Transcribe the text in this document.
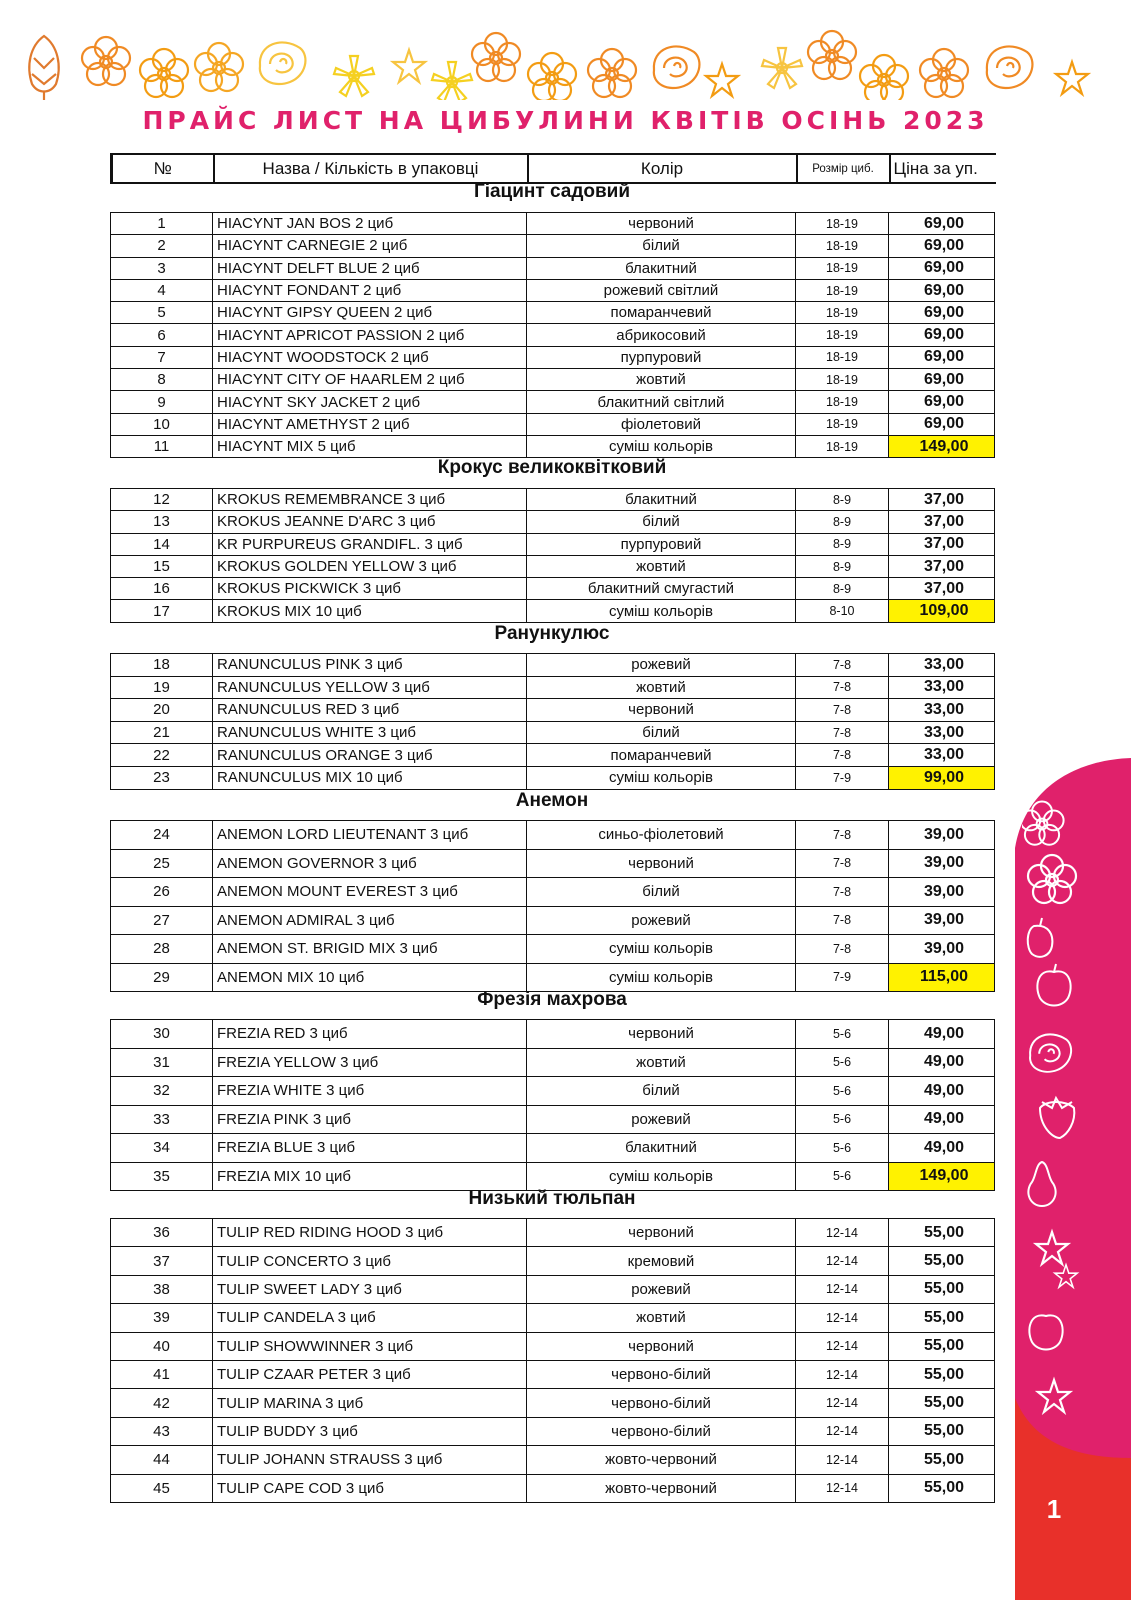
ПРАЙС ЛИСТ НА ЦИБУЛИНИ КВІТІВ ОСІНЬ 2023
1
№	Назва / Кількість в упаковці	Колір	Розмір циб.	Ціна за уп.
Гіацинт садовий
1	HIACYNT JAN BOS 2 циб	червоний	18-19	69,00
2	HIACYNT CARNEGIE 2 циб	білий	18-19	69,00
3	HIACYNT DELFT BLUE 2 циб	блакитний	18-19	69,00
4	HIACYNT FONDANT 2 циб	рожевий світлий	18-19	69,00
5	HIACYNT GIPSY QUEEN 2 циб	помаранчевий	18-19	69,00
6	HIACYNT APRICOT PASSION 2 циб	абрикосовий	18-19	69,00
7	HIACYNT WOODSTOCK 2 циб	пурпуровий	18-19	69,00
8	HIACYNT CITY OF HAARLEM 2 циб	жовтий	18-19	69,00
9	HIACYNT SKY JACKET 2 циб	блакитний світлий	18-19	69,00
10	HIACYNT AMETHYST 2 циб	фіолетовий	18-19	69,00
11	HIACYNT MIX 5 циб	суміш кольорів	18-19	149,00
Крокус великоквітковий
12	KROKUS REMEMBRANCE 3 циб	блакитний	8-9	37,00
13	KROKUS JEANNE D'ARC 3 циб	білий	8-9	37,00
14	KR PURPUREUS GRANDIFL. 3 циб	пурпуровий	8-9	37,00
15	KROKUS GOLDEN YELLOW 3 циб	жовтий	8-9	37,00
16	KROKUS PICKWICK 3 циб	блакитний смугастий	8-9	37,00
17	KROKUS MIX 10 циб	суміш кольорів	8-10	109,00
Ранункулюс
18	RANUNCULUS PINK 3 циб	рожевий	7-8	33,00
19	RANUNCULUS YELLOW 3 циб	жовтий	7-8	33,00
20	RANUNCULUS RED 3 циб	червоний	7-8	33,00
21	RANUNCULUS WHITE 3 циб	білий	7-8	33,00
22	RANUNCULUS ORANGE 3 циб	помаранчевий	7-8	33,00
23	RANUNCULUS MIX 10 циб	суміш кольорів	7-9	99,00
Анемон
24	ANEMON LORD LIEUTENANT 3 циб	синьо-фіолетовий	7-8	39,00
25	ANEMON GOVERNOR 3 циб	червоний	7-8	39,00
26	ANEMON MOUNT EVEREST 3 циб	білий	7-8	39,00
27	ANEMON ADMIRAL 3 циб	рожевий	7-8	39,00
28	ANEMON ST. BRIGID MIX 3 циб	суміш кольорів	7-8	39,00
29	ANEMON MIX 10 циб	суміш кольорів	7-9	115,00
Фрезія махрова
30	FREZIA RED 3 циб	червоний	5-6	49,00
31	FREZIA YELLOW 3 циб	жовтий	5-6	49,00
32	FREZIA WHITE 3 циб	білий	5-6	49,00
33	FREZIA PINK 3 циб	рожевий	5-6	49,00
34	FREZIA BLUE 3 циб	блакитний	5-6	49,00
35	FREZIA MIX 10 циб	суміш кольорів	5-6	149,00
Низький тюльпан
36	TULIP RED RIDING HOOD 3 циб	червоний	12-14	55,00
37	TULIP CONCERTO 3 циб	кремовий	12-14	55,00
38	TULIP SWEET LADY 3 циб	рожевий	12-14	55,00
39	TULIP CANDELA 3 циб	жовтий	12-14	55,00
40	TULIP SHOWWINNER 3 циб	червоний	12-14	55,00
41	TULIP CZAAR PETER 3 циб	червоно-білий	12-14	55,00
42	TULIP MARINA 3 циб	червоно-білий	12-14	55,00
43	TULIP BUDDY 3 циб	червоно-білий	12-14	55,00
44	TULIP JOHANN STRAUSS 3 циб	жовто-червоний	12-14	55,00
45	TULIP CAPE COD 3 циб	жовто-червоний	12-14	55,00
